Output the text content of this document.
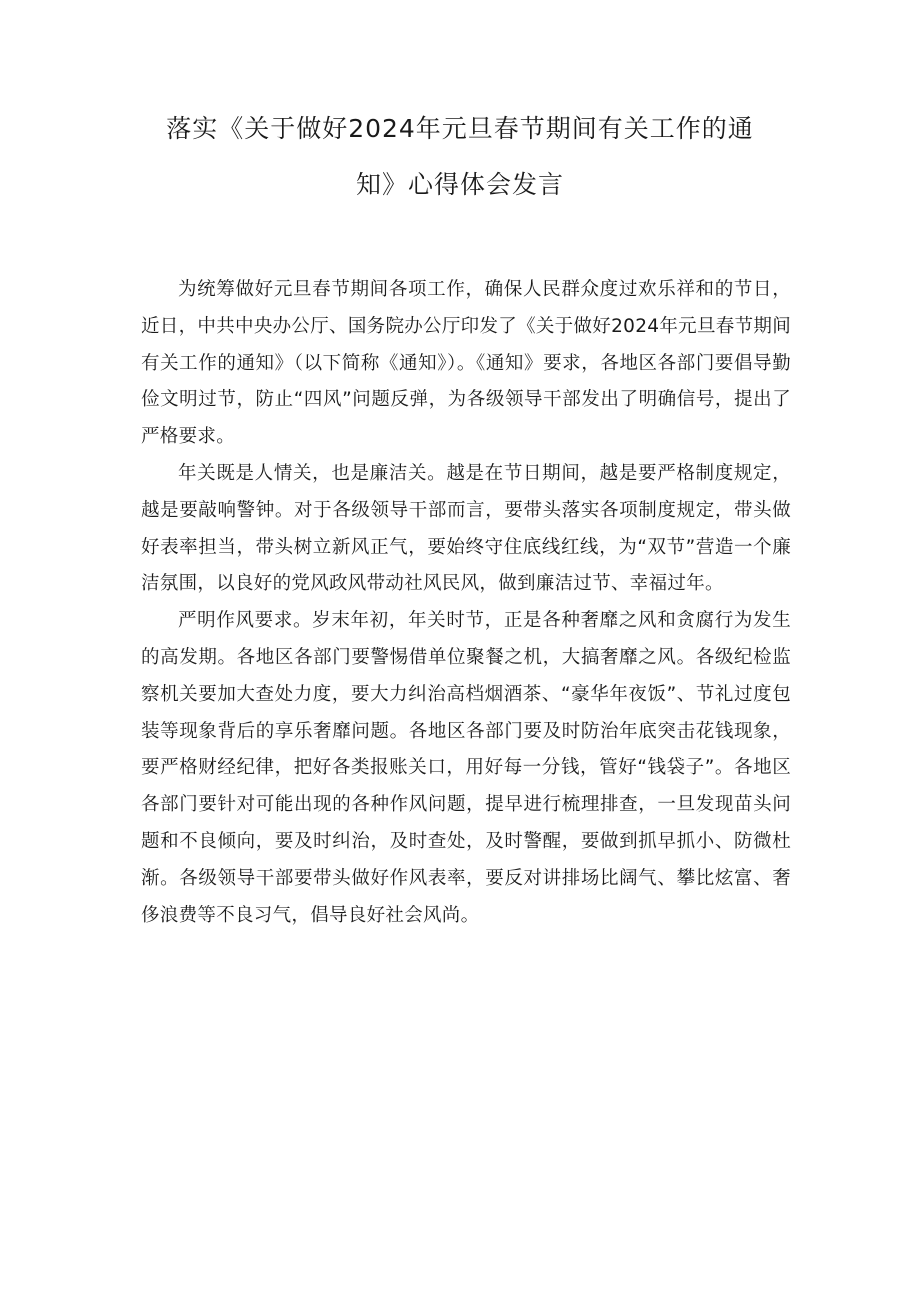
落实《关于做好2024年元旦春节期间有关工作的通
知》心得体会发言

为统筹做好元旦春节期间各项工作，确保人民群众度过欢乐祥和的节日，近日，中共中央办公厅、国务院办公厅印发了《关于做好2024年元旦春节期间有关工作的通知》（以下简称《通知》）。《通知》要求，各地区各部门要倡导勤俭文明过节，防止“四风”问题反弹，为各级领导干部发出了明确信号，提出了严格要求。

年关既是人情关，也是廉洁关。越是在节日期间，越是要严格制度规定，越是要敲响警钟。对于各级领导干部而言，要带头落实各项制度规定，带头做好表率担当，带头树立新风正气，要始终守住底线红线，为“双节”营造一个廉洁氛围，以良好的党风政风带动社风民风，做到廉洁过节、幸福过年。

严明作风要求。岁末年初，年关时节，正是各种奢靡之风和贪腐行为发生的高发期。各地区各部门要警惕借单位聚餐之机，大搞奢靡之风。各级纪检监察机关要加大查处力度，要大力纠治高档烟酒茶、“豪华年夜饭”、节礼过度包装等现象背后的享乐奢靡问题。各地区各部门要及时防治年底突击花钱现象，要严格财经纪律，把好各类报账关口，用好每一分钱，管好“钱袋子”。各地区各部门要针对可能出现的各种作风问题，提早进行梳理排查，一旦发现苗头问题和不良倾向，要及时纠治，及时查处，及时警醒，要做到抓早抓小、防微杜渐。各级领导干部要带头做好作风表率，要反对讲排场比阔气、攀比炫富、奢侈浪费等不良习气，倡导良好社会风尚。
